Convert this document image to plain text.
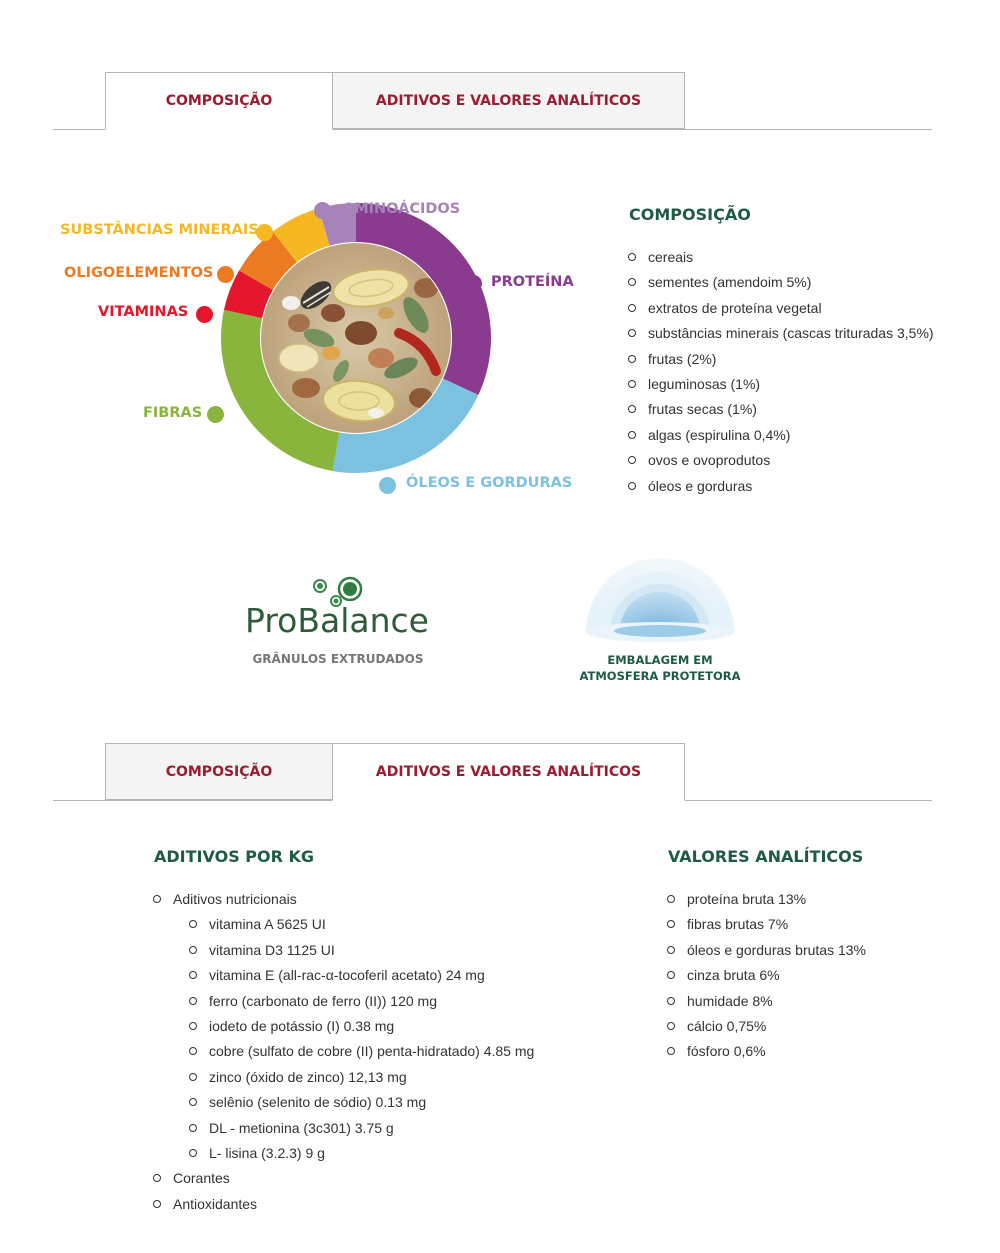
COMPOSIÇÃO	ADITIVOS E VALORES ANALÍTICOS
AMINOÁCIDOS
PROTEÍNA
ÓLEOS E GORDURAS
FIBRAS
VITAMINAS
OLIGOELEMENTOS
SUBSTÂNCIAS MINERAIS
COMPOSIÇÃO
cereais
sementes (amendoim 5%)
extratos de proteína vegetal
substâncias minerais (cascas trituradas 3,5%)
frutas (2%)
leguminosas (1%)
frutas secas (1%)
algas (espirulina 0,4%)
ovos e ovoprodutos
óleos e gorduras
ProBalance
GRÂNULOS EXTRUDADOS	EMBALAGEM EM
ATMOSFERA PROTETORA
COMPOSIÇÃO	ADITIVOS E VALORES ANALÍTICOS
ADITIVOS POR KG
Aditivos nutricionais
vitamina A 5625 UI
vitamina D3 1125 UI
vitamina E (all-rac-α-tocoferil acetato) 24 mg
ferro (carbonato de ferro (II)) 120 mg
iodeto de potássio (I) 0.38 mg
cobre (sulfato de cobre (II) penta-hidratado) 4.85 mg
zinco (óxido de zinco) 12,13 mg
selênio (selenito de sódio) 0.13 mg
DL - metionina (3c301) 3.75 g
L- lisina (3.2.3) 9 g
Corantes
Antioxidantes
VALORES ANALÍTICOS
proteína bruta 13%
fibras brutas 7%
óleos e gorduras brutas 13%
cinza bruta 6%
humidade 8%
cálcio 0,75%
fósforo 0,6%
